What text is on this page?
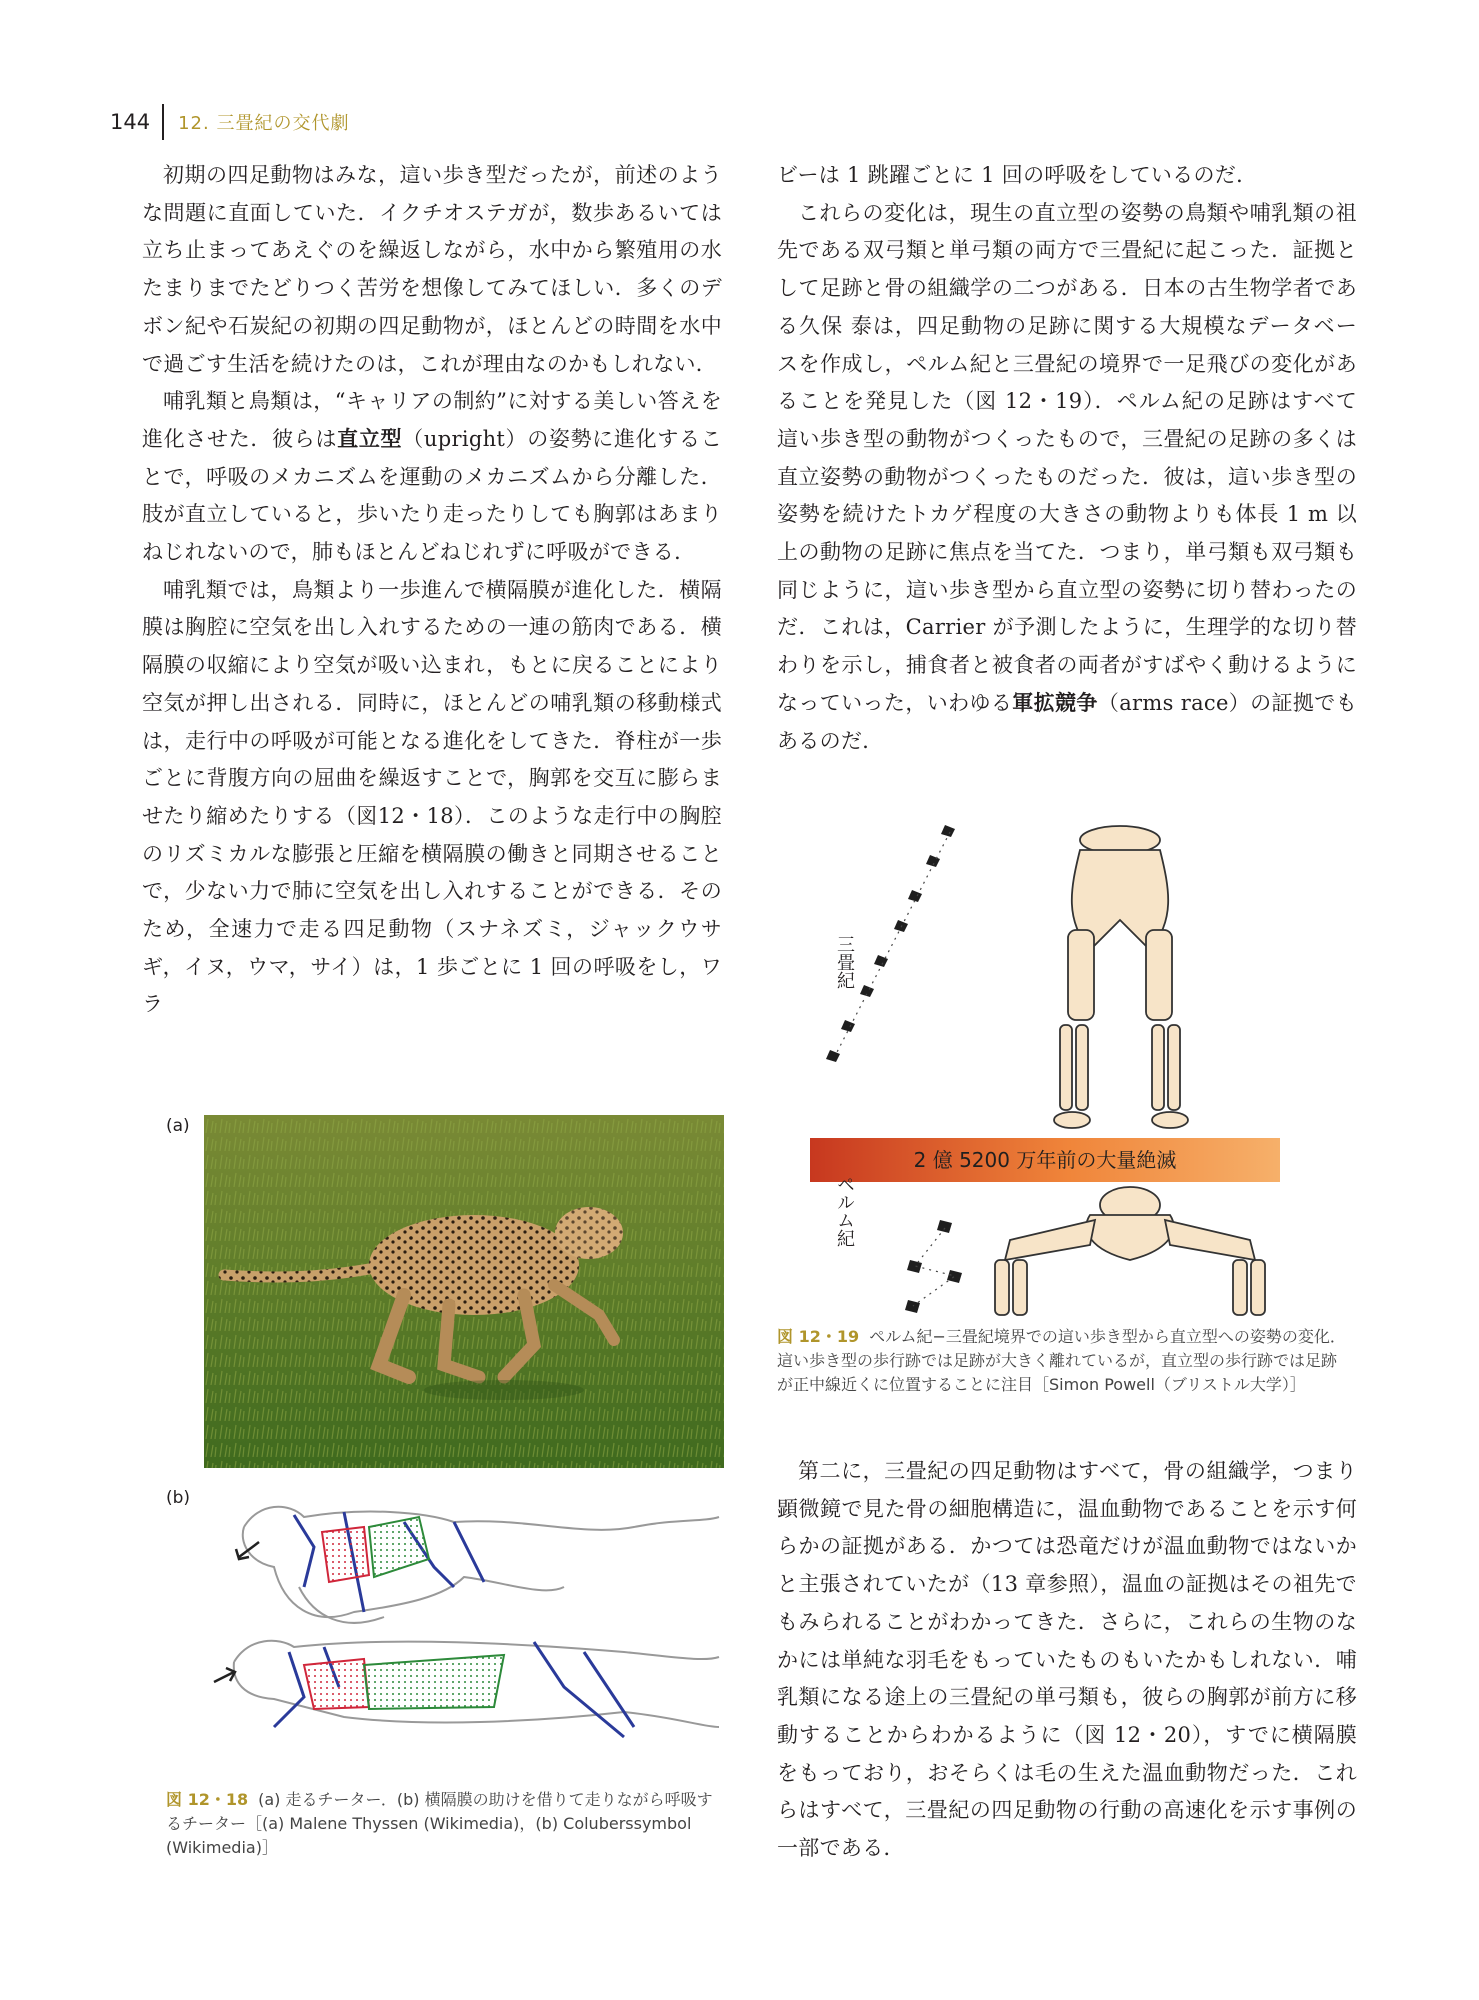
144 12. 三畳紀の交代劇

初期の四足動物はみな，這い歩き型だったが，前述のような問題に直面していた．イクチオステガが，数歩あるいては立ち止まってあえぐのを繰返しながら，水中から繁殖用の水たまりまでたどりつく苦労を想像してみてほしい．多くのデボン紀や石炭紀の初期の四足動物が，ほとんどの時間を水中で過ごす生活を続けたのは，これが理由なのかもしれない．

哺乳類と鳥類は，“キャリアの制約”に対する美しい答えを進化させた．彼らは直立型（upright）の姿勢に進化することで，呼吸のメカニズムを運動のメカニズムから分離した．肢が直立していると，歩いたり走ったりしても胸郭はあまりねじれないので，肺もほとんどねじれずに呼吸ができる．

哺乳類では，鳥類より一歩進んで横隔膜が進化した．横隔膜は胸腔に空気を出し入れするための一連の筋肉である．横隔膜の収縮により空気が吸い込まれ，もとに戻ることにより空気が押し出される．同時に，ほとんどの哺乳類の移動様式は，走行中の呼吸が可能となる進化をしてきた．脊柱が一歩ごとに背腹方向の屈曲を繰返すことで，胸郭を交互に膨らませたり縮めたりする（図12・18）．このような走行中の胸腔のリズミカルな膨張と圧縮を横隔膜の働きと同期させることで，少ない力で肺に空気を出し入れすることができる．そのため，全速力で走る四足動物（スナネズミ，ジャックウサギ，イヌ，ウマ，サイ）は，1 歩ごとに 1 回の呼吸をし，ワラ

ビーは 1 跳躍ごとに 1 回の呼吸をしているのだ．

これらの変化は，現生の直立型の姿勢の鳥類や哺乳類の祖先である双弓類と単弓類の両方で三畳紀に起こった．証拠として足跡と骨の組織学の二つがある．日本の古生物学者である久保 泰は，四足動物の足跡に関する大規模なデータベースを作成し，ペルム紀と三畳紀の境界で一足飛びの変化があることを発見した（図 12・19）．ペルム紀の足跡はすべて這い歩き型の動物がつくったもので，三畳紀の足跡の多くは直立姿勢の動物がつくったものだった．彼は，這い歩き型の姿勢を続けたトカゲ程度の大きさの動物よりも体長 1 m 以上の動物の足跡に焦点を当てた．つまり，単弓類も双弓類も同じように，這い歩き型から直立型の姿勢に切り替わったのだ．これは，Carrier が予測したように，生理学的な切り替わりを示し，捕食者と被食者の両者がすばやく動けるようになっていった，いわゆる軍拡競争（arms race）の証拠でもあるのだ．

第二に，三畳紀の四足動物はすべて，骨の組織学，つまり顕微鏡で見た骨の細胞構造に，温血動物であることを示す何らかの証拠がある．かつては恐竜だけが温血動物ではないかと主張されていたが（13 章参照），温血の証拠はその祖先でもみられることがわかってきた．さらに，これらの生物のなかには単純な羽毛をもっていたものもいたかもしれない．哺乳類になる途上の三畳紀の単弓類も，彼らの胸郭が前方に移動することからわかるように（図 12・20），すでに横隔膜をもっており，おそらくは毛の生えた温血動物だった．これらはすべて，三畳紀の四足動物の行動の高速化を示す事例の一部である．

(a)
(b)
図 12・18 (a) 走るチーター．(b) 横隔膜の助けを借りて走りながら呼吸するチーター［(a) Malene Thyssen (Wikimedia)，(b) Coluberssymbol (Wikimedia)］
三畳紀
ペルム紀
2 億 5200 万年前の大量絶滅
図 12・19 ペルム紀−三畳紀境界での這い歩き型から直立型への姿勢の変化．這い歩き型の歩行跡では足跡が大きく離れているが，直立型の歩行跡では足跡が正中線近くに位置することに注目［Simon Powell（ブリストル大学）］
